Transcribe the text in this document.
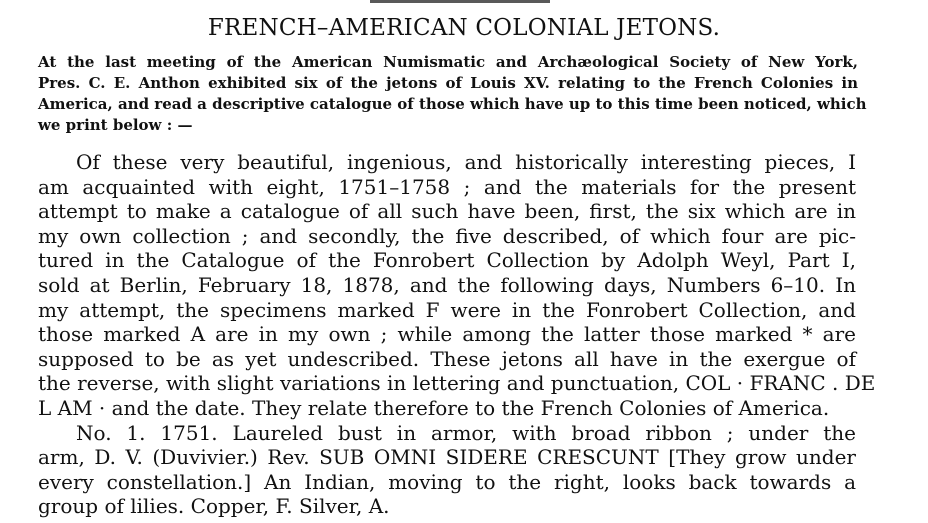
FRENCH–AMERICAN COLONIAL JETONS.
At the last meeting of the American Numismatic and Archæological Society of New York,
Pres. C. E. Anthon exhibited six of the jetons of Louis XV. relating to the French Colonies in
America, and read a descriptive catalogue of those which have up to this time been noticed, which
we print below : —
Of these very beautiful, ingenious, and historically interesting pieces, I
am acquainted with eight, 1751–1758 ; and the materials for the present
attempt to make a catalogue of all such have been, first, the six which are in
my own collection ; and secondly, the five described, of which four are pic-
tured in the Catalogue of the Fonrobert Collection by Adolph Weyl, Part I,
sold at Berlin, February 18, 1878, and the following days, Numbers 6–10. In
my attempt, the specimens marked F were in the Fonrobert Collection, and
those marked A are in my own ; while among the latter those marked * are
supposed to be as yet undescribed. These jetons all have in the exergue of
the reverse, with slight variations in lettering and punctuation, COL · FRANC . DE
L AM · and the date. They relate therefore to the French Colonies of America.
No. 1. 1751. Laureled bust in armor, with broad ribbon ; under the
arm, D. V. (Duvivier.) Rev. SUB OMNI SIDERE CRESCUNT [They grow under
every constellation.] An Indian, moving to the right, looks back towards a
group of lilies. Copper, F. Silver, A.
